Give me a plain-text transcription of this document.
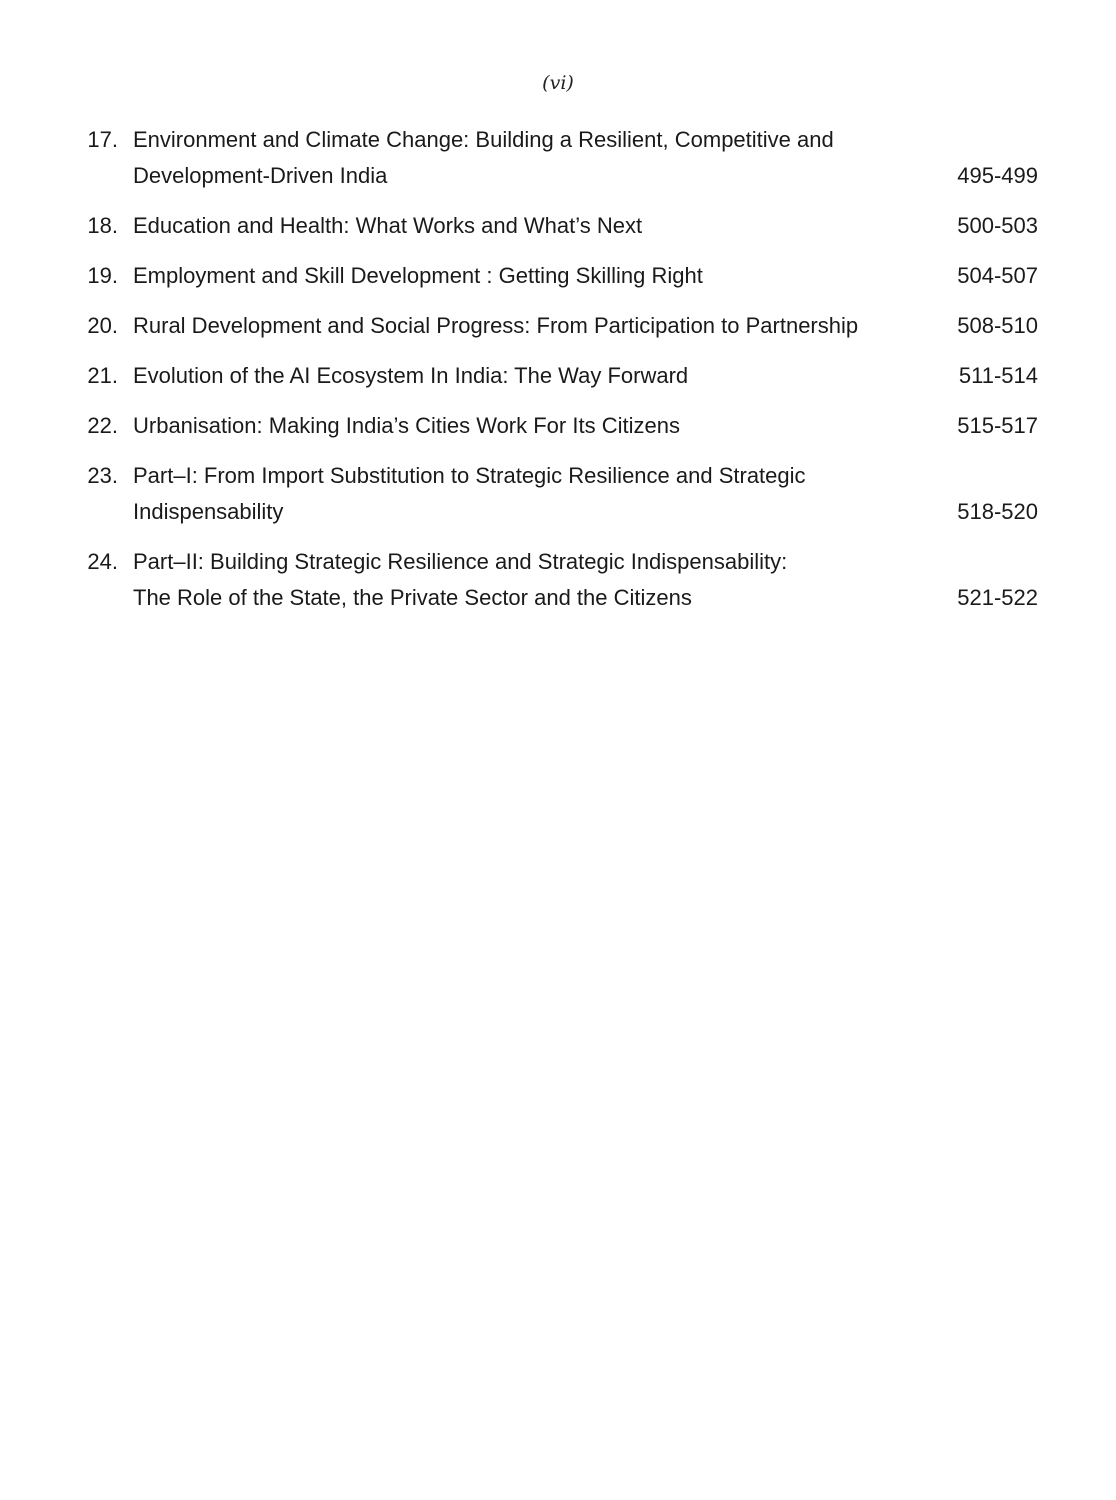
(vi)
17. Environment and Climate Change: Building a Resilient, Competitive and
Development-Driven India	495-499
18. Education and Health: What Works and What’s Next	500-503
19. Employment and Skill Development : Getting Skilling Right	504-507
20. Rural Development and Social Progress: From Participation to Partnership	508-510
21. Evolution of the AI Ecosystem In India: The Way Forward	511-514
22. Urbanisation: Making India’s Cities Work For Its Citizens	515-517
23. Part–I: From Import Substitution to Strategic Resilience and Strategic
Indispensability	518-520
24. Part–II: Building Strategic Resilience and Strategic Indispensability:
The Role of the State, the Private Sector and the Citizens	521-522
